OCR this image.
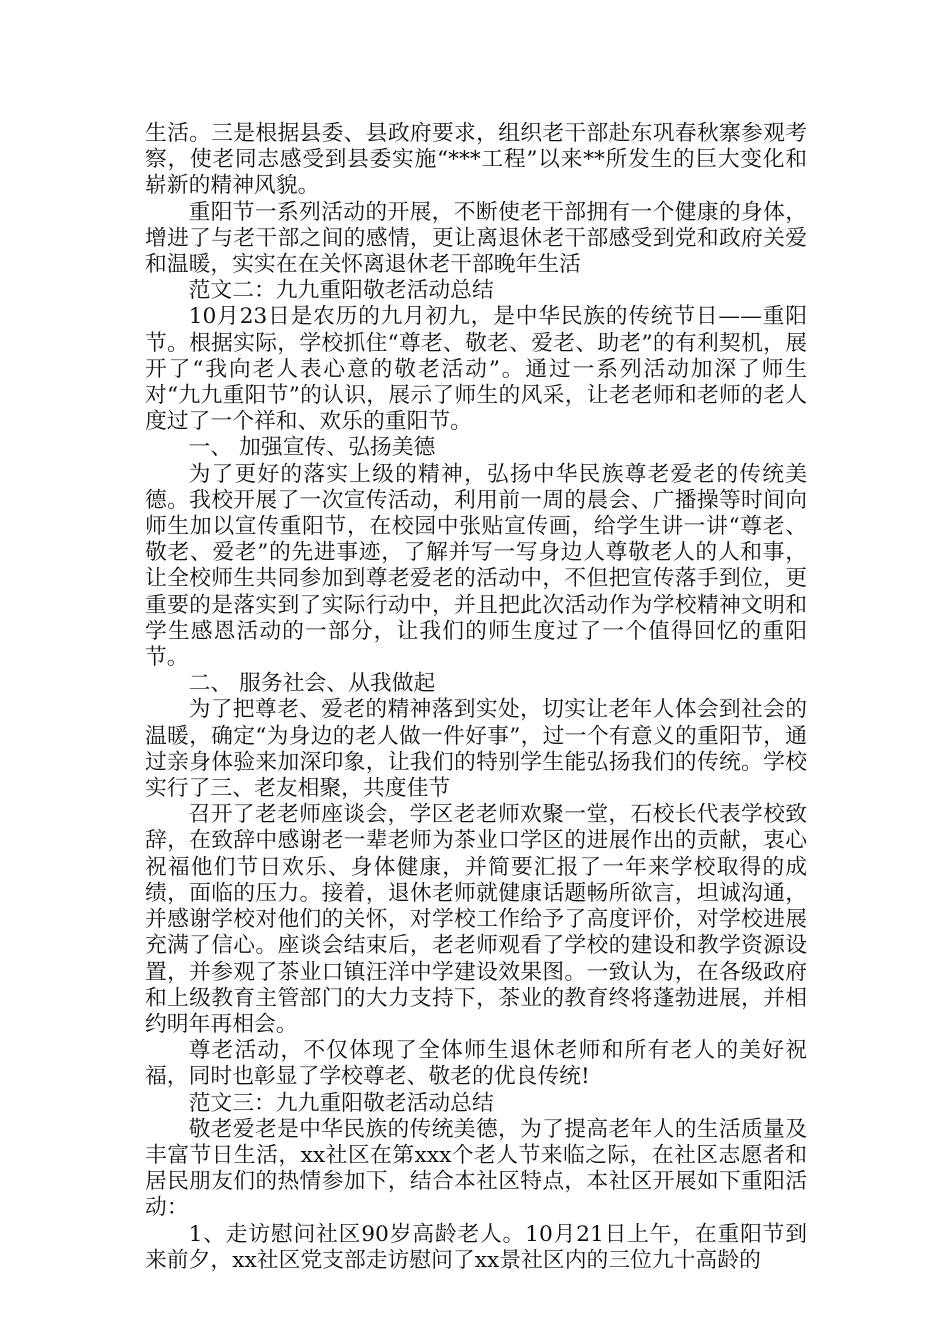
生活。三是根据县委、县政府要求，组织老干部赴东巩春秋寨参观考察，使老同志感受到县委实施“***工程”以来**所发生的巨大变化和崭新的精神风貌。

重阳节一系列活动的开展，不断使老干部拥有一个健康的身体，增进了与老干部之间的感情，更让离退休老干部感受到党和政府关爱和温暖，实实在在关怀离退休老干部晚年生活

范文二：九九重阳敬老活动总结

10月23日是农历的九月初九，是中华民族的传统节日——重阳节。根据实际，学校抓住“尊老、敬老、爱老、助老”的有利契机，展开了“我向老人表心意的敬老活动”。通过一系列活动加深了师生对“九九重阳节”的认识，展示了师生的风采，让老老师和老师的老人度过了一个祥和、欢乐的重阳节。

一、 加强宣传、弘扬美德

为了更好的落实上级的精神，弘扬中华民族尊老爱老的传统美德。我校开展了一次宣传活动，利用前一周的晨会、广播操等时间向师生加以宣传重阳节，在校园中张贴宣传画，给学生讲一讲“尊老、敬老、爱老”的先进事迹，了解并写一写身边人尊敬老人的人和事，让全校师生共同参加到尊老爱老的活动中，不但把宣传落手到位，更重要的是落实到了实际行动中，并且把此次活动作为学校精神文明和学生感恩活动的一部分，让我们的师生度过了一个值得回忆的重阳节。

二、 服务社会、从我做起

为了把尊老、爱老的精神落到实处，切实让老年人体会到社会的温暖，确定“为身边的老人做一件好事”，过一个有意义的重阳节，通过亲身体验来加深印象，让我们的特别学生能弘扬我们的传统。学校实行了三、老友相聚，共度佳节

召开了老老师座谈会，学区老老师欢聚一堂，石校长代表学校致辞，在致辞中感谢老一辈老师为茶业口学区的进展作出的贡献，衷心祝福他们节日欢乐、身体健康，并简要汇报了一年来学校取得的成绩，面临的压力。接着，退休老师就健康话题畅所欲言，坦诚沟通，并感谢学校对他们的关怀，对学校工作给予了高度评价，对学校进展充满了信心。座谈会结束后，老老师观看了学校的建设和教学资源设置，并参观了茶业口镇汪洋中学建设效果图。一致认为，在各级政府和上级教育主管部门的大力支持下，茶业的教育终将蓬勃进展，并相约明年再相会。

尊老活动，不仅体现了全体师生退休老师和所有老人的美好祝福，同时也彰显了学校尊老、敬老的优良传统!

范文三：九九重阳敬老活动总结

敬老爱老是中华民族的传统美德，为了提高老年人的生活质量及丰富节日生活，xx社区在第xxx个老人节来临之际，在社区志愿者和居民朋友们的热情参加下，结合本社区特点，本社区开展如下重阳活动：

1、走访慰问社区90岁高龄老人。10月21日上午，在重阳节到来前夕，xx社区党支部走访慰问了xx景社区内的三位九十高龄的
